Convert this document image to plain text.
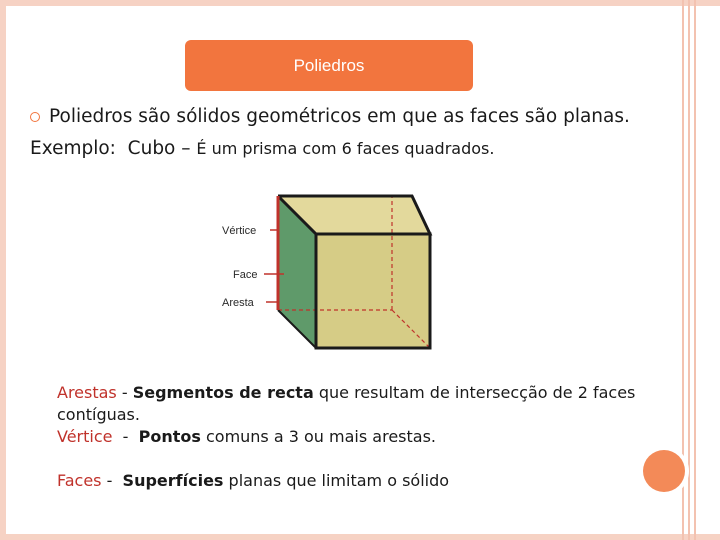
Poliedros
Poliedros são sólidos geométricos em que as faces são planas.
Exemplo: Cubo – É um prisma com 6 faces quadrados.
Vértice
Face
Aresta
Arestas - Segmentos de recta que resultam de intersecção de 2 faces contíguas.
Vértice  -  Pontos comuns a 3 ou mais arestas.
Faces -  Superfícies planas que limitam o sólido
